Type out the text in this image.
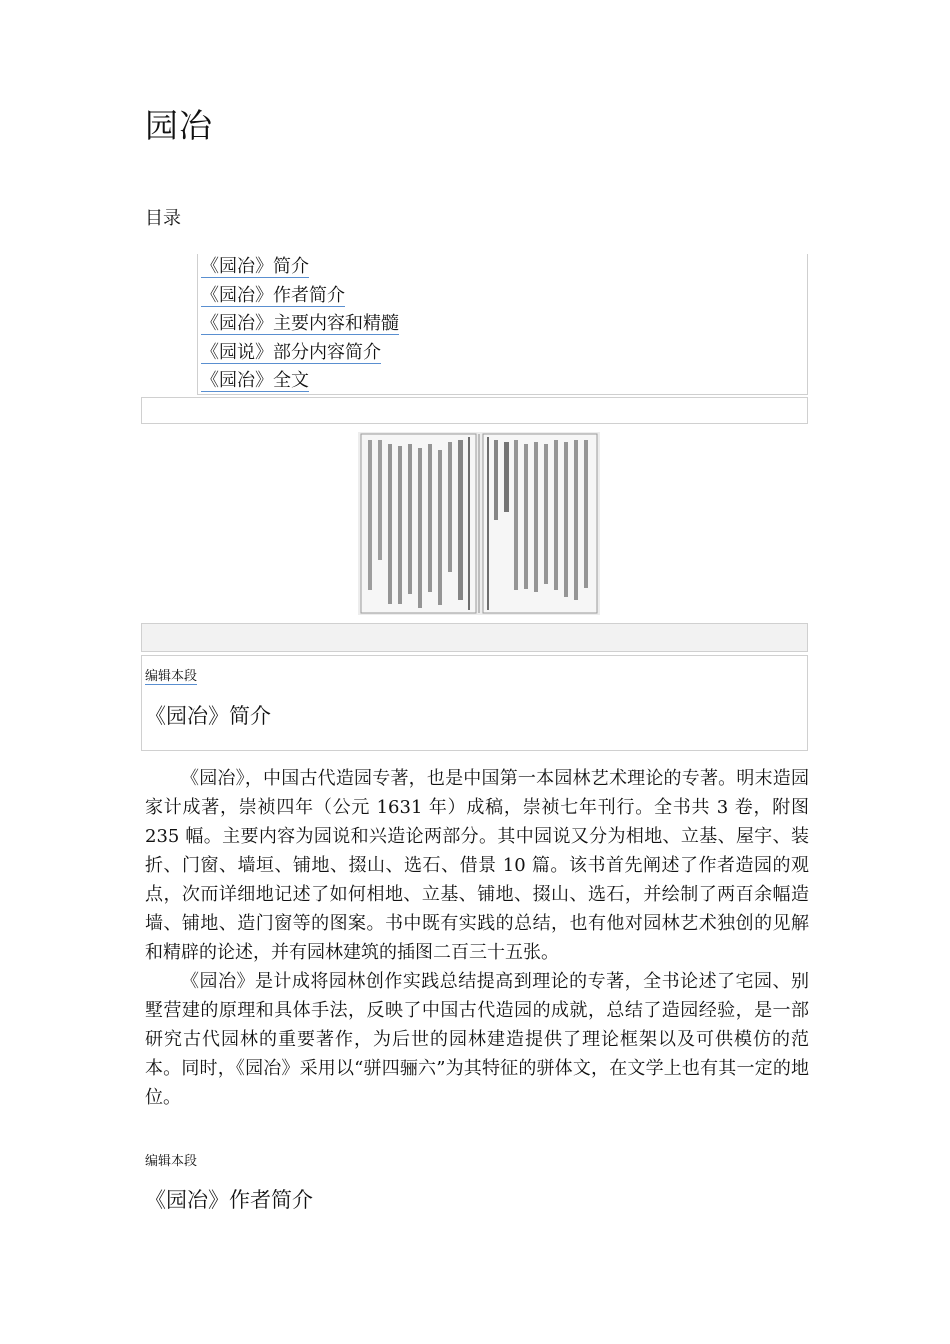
园冶
目录
《园冶》简介
《园冶》作者简介
《园冶》主要内容和精髓
《园说》部分内容简介
《园冶》全文
编辑本段
《园冶》简介

《园冶》，中国古代造园专著，也是中国第一本园林艺术理论的专著。明末造园家计成著，崇祯四年（公元 1631 年）成稿，崇祯七年刊行。全书共 3 卷，附图 235 幅。主要内容为园说和兴造论两部分。其中园说又分为相地、立基、屋宇、装折、门窗、墙垣、铺地、掇山、选石、借景 10 篇。该书首先阐述了作者造园的观点，次而详细地记述了如何相地、立基、铺地、掇山、选石，并绘制了两百余幅造墙、铺地、造门窗等的图案。书中既有实践的总结，也有他对园林艺术独创的见解和精辟的论述，并有园林建筑的插图二百三十五张。

《园冶》是计成将园林创作实践总结提高到理论的专著，全书论述了宅园、别墅营建的原理和具体手法，反映了中国古代造园的成就，总结了造园经验，是一部研究古代园林的重要著作，为后世的园林建造提供了理论框架以及可供模仿的范本。同时，《园冶》采用以“骈四骊六”为其特征的骈体文，在文学上也有其一定的地位。

编辑本段
《园冶》作者简介
